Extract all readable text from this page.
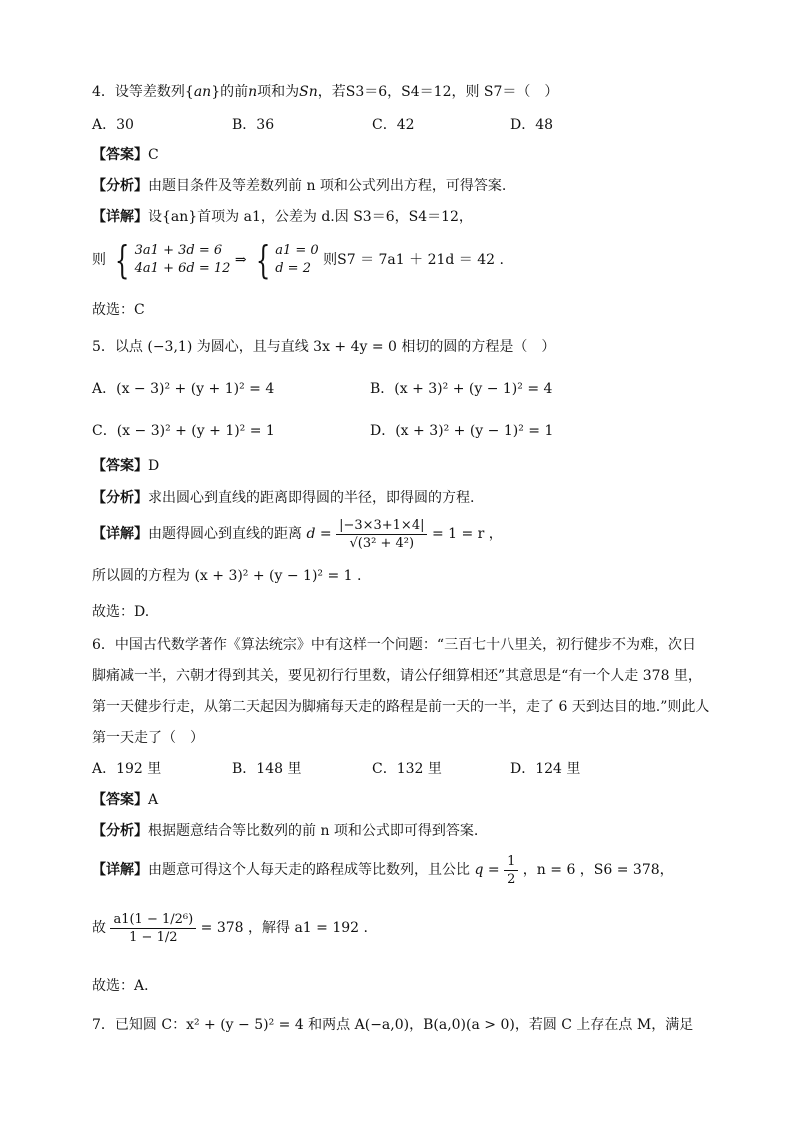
4．设等差数列{an}的前n项和为Sn，若S3＝6，S4＝12，则 S7＝（　）
A．30	B．36	C．42	D．48
【答案】C
【分析】由题目条件及等差数列前 n 项和公式列出方程，可得答案.
【详解】设{an}首项为 a1，公差为 d.因 S3＝6，S4＝12，
则 { 3a1 + 3d = 6
4a1 + 6d = 12
⇒ { a1 = 0
d = 2
则S7 ＝ 7a1 ＋ 21d ＝ 42 .
故选：C
5．以点 (−3,1) 为圆心，且与直线 3x + 4y = 0 相切的圆的方程是（　）
A．(x − 3)² + (y + 1)² = 4	B．(x + 3)² + (y − 1)² = 4
C．(x − 3)² + (y + 1)² = 1	D．(x + 3)² + (y − 1)² = 1
【答案】D
【分析】求出圆心到直线的距离即得圆的半径，即得圆的方程.
【详解】由题得圆心到直线的距离 $d = \frac{|-3\times 3+1\times 4|}{\text{√(3² + 4²)}} = 1 = r$ ，
所以圆的方程为 (x + 3)² + (y − 1)² = 1 .
故选：D.
6．中国古代数学著作《算法统宗》中有这样一个问题：“三百七十八里关，初行健步不为难，次日
脚痛减一半，六朝才得到其关，要见初行行里数，请公仔细算相还”其意思是“有一个人走 378 里，
第一天健步行走，从第二天起因为脚痛每天走的路程是前一天的一半，走了 6 天到达目的地.”则此人
第一天走了（　）
A．192 里	B．148 里	C．132 里	D．124 里
【答案】A
【分析】根据题意结合等比数列的前 n 项和公式即可得到答案.
【详解】由题意可得这个人每天走的路程成等比数列，且公比 $q = \frac{1}{2}$ ，n = 6 ，S6 = 378，
故 $\frac{\text{a1(1 − 1/2⁶)}}{1 - 1/2} = 378$ ，解得 a1 = 192 .
故选：A．
7．已知圆 C：x² + (y − 5)² = 4 和两点 A(−a,0)，B(a,0)(a > 0)，若圆 C 上存在点 M，满足
